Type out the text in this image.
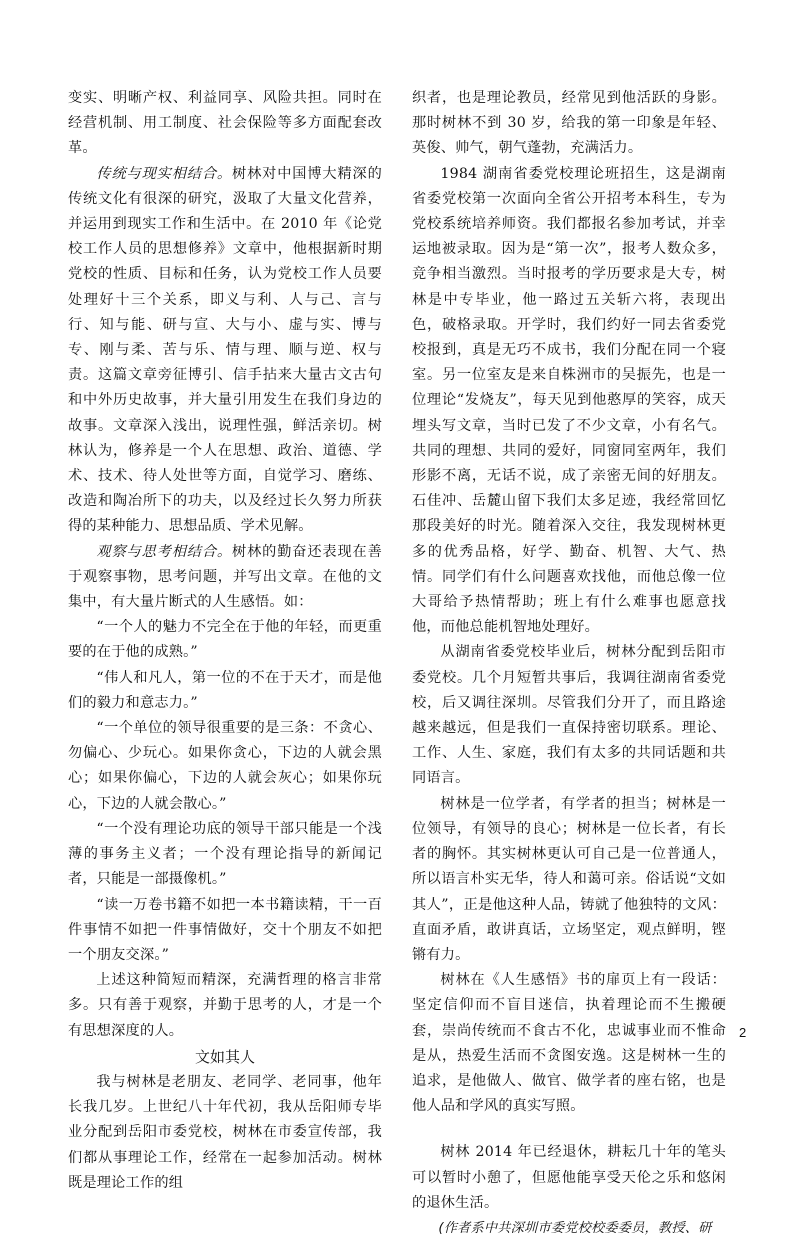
变实、明晰产权、利益同享、风险共担。同时在经营机制、用工制度、社会保险等多方面配套改革。

传统与现实相结合。树林对中国博大精深的传统文化有很深的研究，汲取了大量文化营养，并运用到现实工作和生活中。在 2010 年《论党校工作人员的思想修养》文章中，他根据新时期党校的性质、目标和任务，认为党校工作人员要处理好十三个关系，即义与利、人与己、言与行、知与能、研与宣、大与小、虚与实、博与专、刚与柔、苦与乐、情与理、顺与逆、权与责。这篇文章旁征博引、信手拈来大量古文古句和中外历史故事，并大量引用发生在我们身边的故事。文章深入浅出，说理性强，鲜活亲切。树林认为，修养是一个人在思想、政治、道德、学术、技术、待人处世等方面，自觉学习、磨练、改造和陶冶所下的功夫，以及经过长久努力所获得的某种能力、思想品质、学术见解。

观察与思考相结合。树林的勤奋还表现在善于观察事物，思考问题，并写出文章。在他的文集中，有大量片断式的人生感悟。如：

“一个人的魅力不完全在于他的年轻，而更重要的在于他的成熟。”

“伟人和凡人，第一位的不在于天才，而是他们的毅力和意志力。”

“一个单位的领导很重要的是三条：不贪心、勿偏心、少玩心。如果你贪心，下边的人就会黑心；如果你偏心，下边的人就会灰心；如果你玩心，下边的人就会散心。”

“一个没有理论功底的领导干部只能是一个浅薄的事务主义者；一个没有理论指导的新闻记者，只能是一部摄像机。”

“读一万卷书籍不如把一本书籍读精，干一百件事情不如把一件事情做好，交十个朋友不如把一个朋友交深。”

上述这种简短而精深，充满哲理的格言非常多。只有善于观察，并勤于思考的人，才是一个有思想深度的人。

文如其人

我与树林是老朋友、老同学、老同事，他年长我几岁。上世纪八十年代初，我从岳阳师专毕业分配到岳阳市委党校，树林在市委宣传部，我们都从事理论工作，经常在一起参加活动。树林既是理论工作的组

织者，也是理论教员，经常见到他活跃的身影。那时树林不到 30 岁，给我的第一印象是年轻、英俊、帅气，朝气蓬勃，充满活力。

1984 湖南省委党校理论班招生，这是湖南省委党校第一次面向全省公开招考本科生，专为党校系统培养师资。我们都报名参加考试，并幸运地被录取。因为是“第一次”，报考人数众多，竞争相当激烈。当时报考的学历要求是大专，树林是中专毕业，他一路过五关斩六将，表现出色，破格录取。开学时，我们约好一同去省委党校报到，真是无巧不成书，我们分配在同一个寝室。另一位室友是来自株洲市的吴振先，也是一位理论“发烧友”，每天见到他憨厚的笑容，成天埋头写文章，当时已发了不少文章，小有名气。共同的理想、共同的爱好，同窗同室两年，我们形影不离，无话不说，成了亲密无间的好朋友。石佳冲、岳麓山留下我们太多足迹，我经常回忆那段美好的时光。随着深入交往，我发现树林更多的优秀品格，好学、勤奋、机智、大气、热情。同学们有什么问题喜欢找他，而他总像一位大哥给予热情帮助；班上有什么难事也愿意找他，而他总能机智地处理好。

从湖南省委党校毕业后，树林分配到岳阳市委党校。几个月短暂共事后，我调往湖南省委党校，后又调往深圳。尽管我们分开了，而且路途越来越远，但是我们一直保持密切联系。理论、工作、人生、家庭，我们有太多的共同话题和共同语言。

树林是一位学者，有学者的担当；树林是一位领导，有领导的良心；树林是一位长者，有长者的胸怀。其实树林更认可自己是一位普通人，所以语言朴实无华，待人和蔼可亲。俗话说“文如其人”，正是他这种人品，铸就了他独特的文风：直面矛盾，敢讲真话，立场坚定，观点鲜明，铿锵有力。

树林在《人生感悟》书的扉页上有一段话：坚定信仰而不盲目迷信，执着理论而不生搬硬套，崇尚传统而不食古不化，忠诚事业而不惟命是从，热爱生活而不贪图安逸。这是树林一生的追求，是他做人、做官、做学者的座右铭，也是他人品和学风的真实写照。

树林 2014 年已经退休，耕耘几十年的笔头可以暂时小憩了，但愿他能享受天伦之乐和悠闲的退休生活。

(作者系中共深圳市委党校校委委员，教授、研

2
